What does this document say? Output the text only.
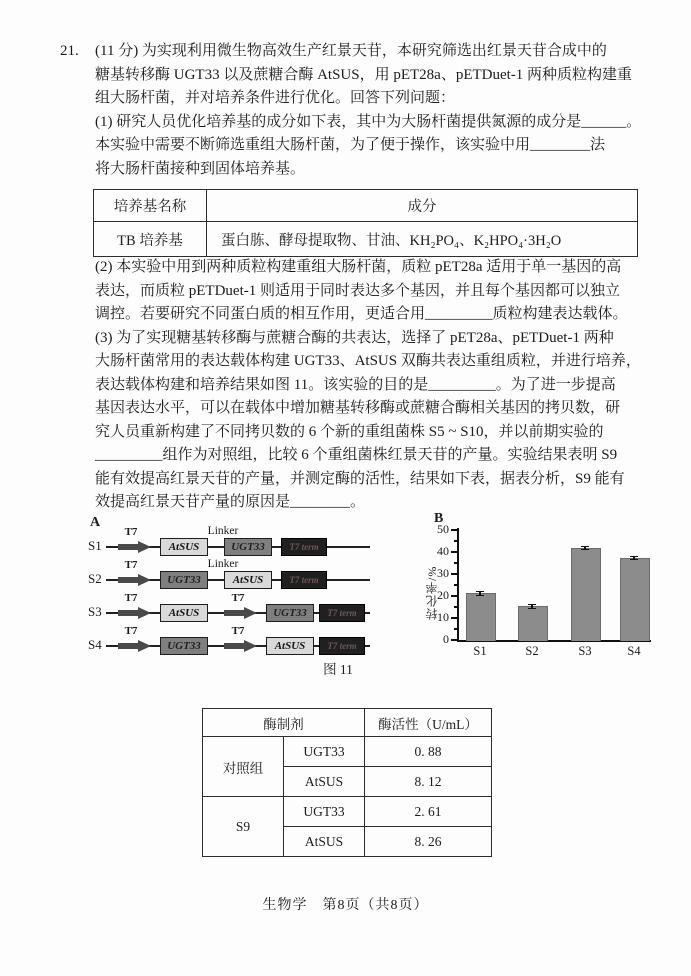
21. (11 分) 为实现利用微生物高效生产红景天苷，本研究筛选出红景天苷合成中的
糖基转移酶 UGT33 以及蔗糖合酶 AtSUS，用 pET28a、pETDuet-1 两种质粒构建重
组大肠杆菌，并对培养条件进行优化。回答下列问题：
(1) 研究人员优化培养基的成分如下表，其中为大肠杆菌提供氮源的成分是______。
本实验中需要不断筛选重组大肠杆菌，为了便于操作，该实验中用________法
将大肠杆菌接种到固体培养基。
培养基名称	成分
TB 培养基	蛋白胨、酵母提取物、甘油、KH₂PO₄、K₂HPO₄·3H₂O
(2) 本实验中用到两种质粒构建重组大肠杆菌，质粒 pET28a 适用于单一基因的高
表达，而质粒 pETDuet-1 则适用于同时表达多个基因，并且每个基因都可以独立
调控。若要研究不同蛋白质的相互作用，更适合用_________质粒构建表达载体。
(3) 为了实现糖基转移酶与蔗糖合酶的共表达，选择了 pET28a、pETDuet-1 两种
大肠杆菌常用的表达载体构建 UGT33、AtSUS 双酶共表达重组质粒，并进行培养，
表达载体构建和培养结果如图 11。该实验的目的是_________。为了进一步提高
基因表达水平，可以在载体中增加糖基转移酶或蔗糖合酶相关基因的拷贝数，研
究人员重新构建了不同拷贝数的 6 个新的重组菌株 S5 ~ S10，并以前期实验的
_________组作为对照组，比较 6 个重组菌株红景天苷的产量。实验结果表明 S9
能有效提高红景天苷的产量，并测定酶的活性，结果如下表，据表分析，S9 能有
效提高红景天苷产量的原因是________。
A
S1
T7
AtSUS
Linker
UGT33	T7 term
S2
T7
UGT33
Linker
AtSUS	T7 term
S3
T7
AtSUS
T7
UGT33	T7 term
S4
T7
UGT33
T7
AtSUS	T7 term
B
转化率/%
0
10
20
30
40
50
S1	S2	S3	S4
图 11
酶制剂		酶活性（U/mL）
对照组	UGT33	0. 88
	AtSUS	8. 12
S9	UGT33	2. 61
	AtSUS	8. 26
生物学　第8页（共8页）
